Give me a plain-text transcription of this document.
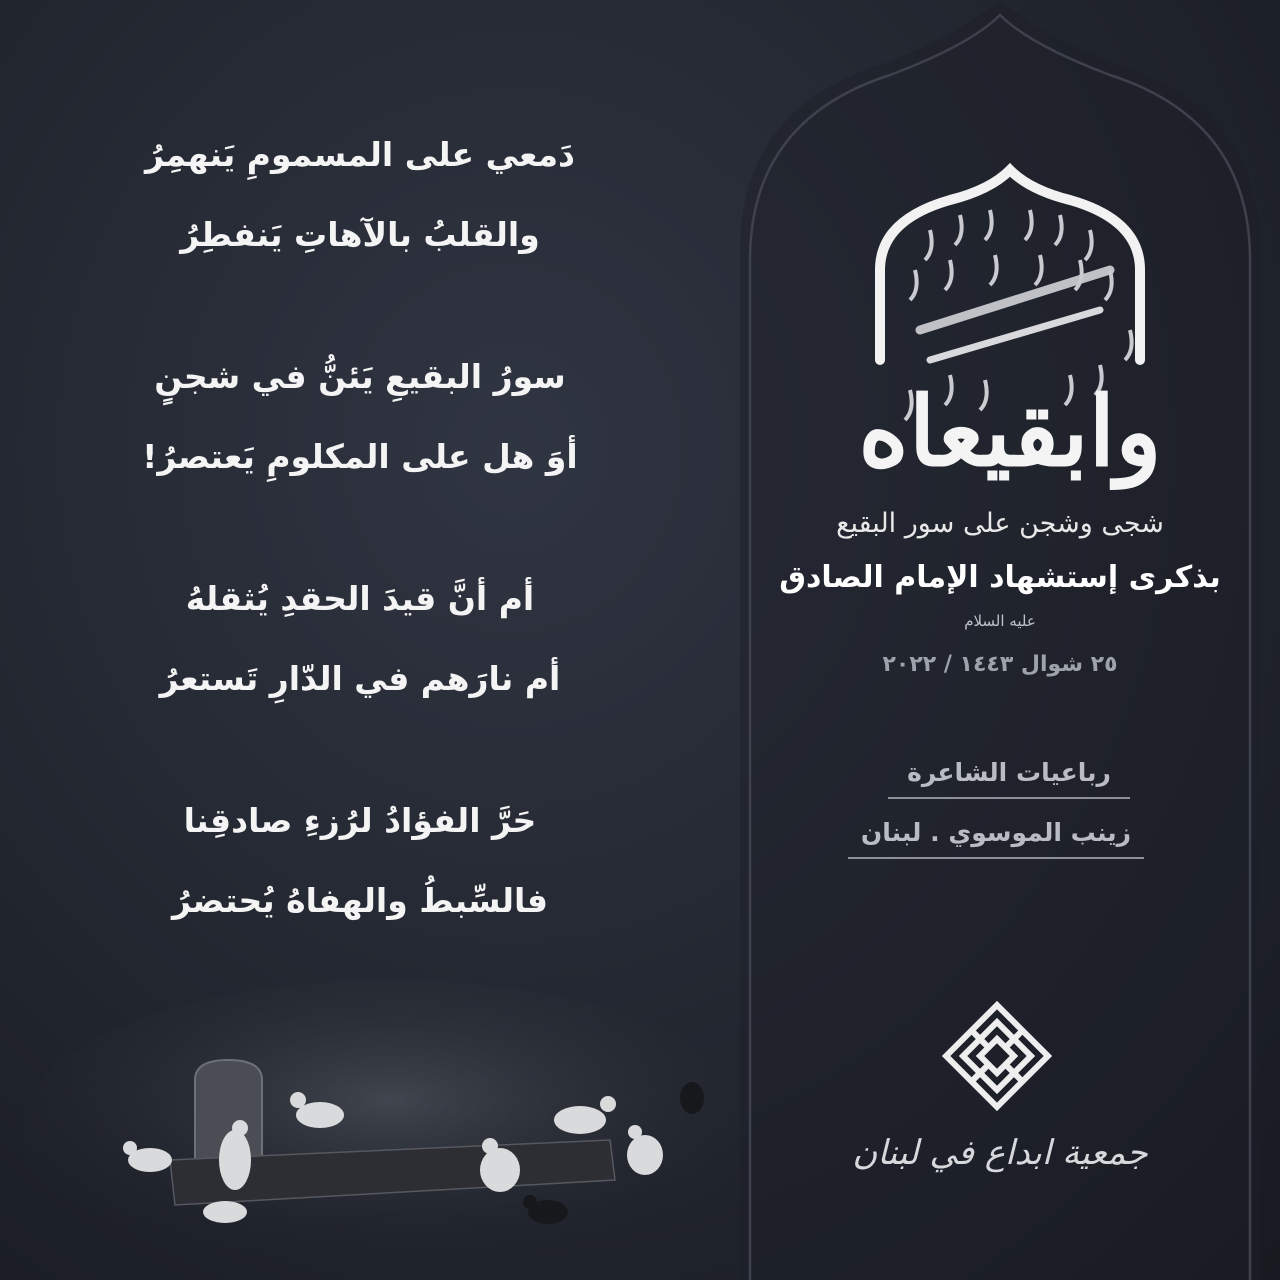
دَمعي على المسمومِ يَنهمِرُ
والقلبُ بالآهاتِ يَنفطِرُ
سورُ البقيعِ يَئنُّ في شجنٍ
أوَ هل على المكلومِ يَعتصرُ!
أم أنَّ قيدَ الحقدِ يُثقلهُ
أم نارَهم في الدّارِ تَستعرُ
حَرَّ الفؤادُ لرُزءِ صادقِنا
فالسِّبطُ والهفاهُ يُحتضرُ
وابقيعاه
شجى وشجن على سور البقيع
بذكرى إستشهاد الإمام الصادق
عليه السلام
٢٥ شوال ١٤٤٣ / ٢٠٢٢
رباعيات الشاعرة
زينب الموسوي . لبنان
جمعية ابداع في لبنان
